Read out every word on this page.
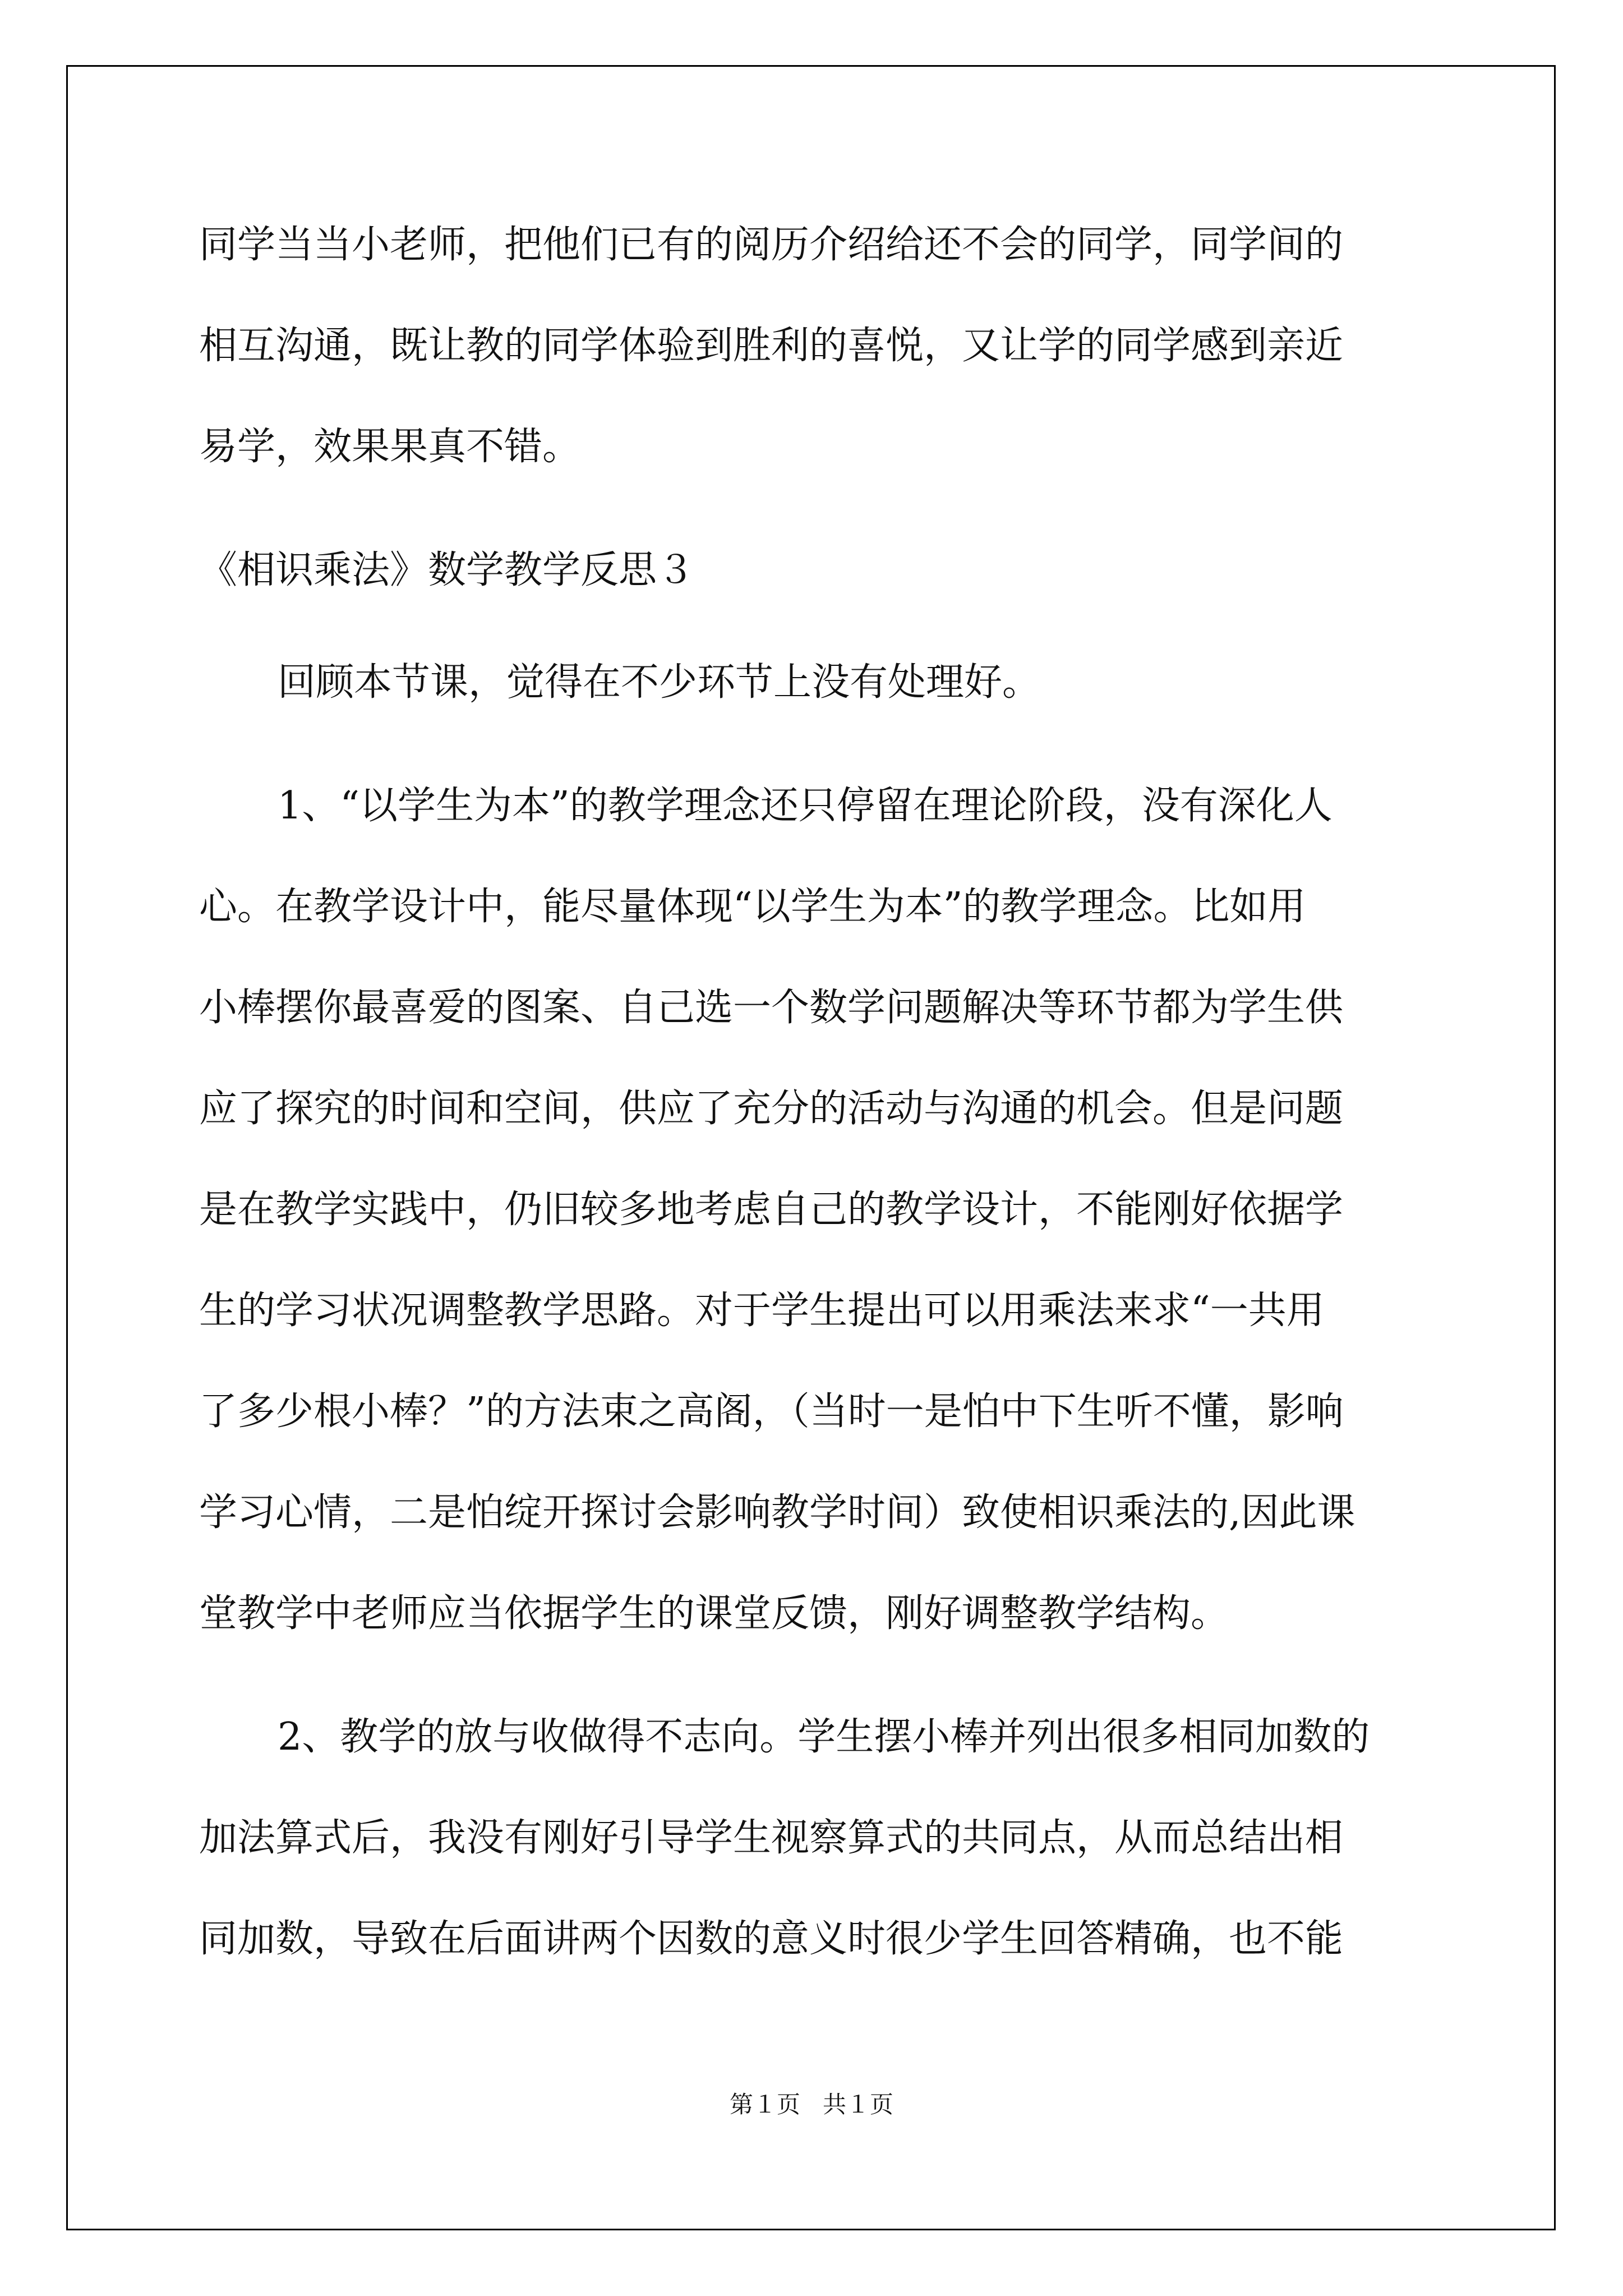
同学当当小老师，把他们已有的阅历介绍给还不会的同学，同学间的
相互沟通，既让教的同学体验到胜利的喜悦，又让学的同学感到亲近
易学，效果果真不错。
《相识乘法》数学教学反思３
回顾本节课，觉得在不少环节上没有处理好。
1、“以学生为本”的教学理念还只停留在理论阶段，没有深化人
心。在教学设计中，能尽量体现“以学生为本”的教学理念。比如用
小棒摆你最喜爱的图案、自己选一个数学问题解决等环节都为学生供
应了探究的时间和空间，供应了充分的活动与沟通的机会。但是问题
是在教学实践中，仍旧较多地考虑自己的教学设计，不能刚好依据学
生的学习状况调整教学思路。对于学生提出可以用乘法来求“一共用
了多少根小棒？”的方法束之高阁，（当时一是怕中下生听不懂，影响
学习心情，二是怕绽开探讨会影响教学时间）致使相识乘法的,因此课
堂教学中老师应当依据学生的课堂反馈，刚好调整教学结构。
2、教学的放与收做得不志向。学生摆小棒并列出很多相同加数的
加法算式后，我没有刚好引导学生视察算式的共同点，从而总结出相
同加数，导致在后面讲两个因数的意义时很少学生回答精确，也不能
第１页 共１页
